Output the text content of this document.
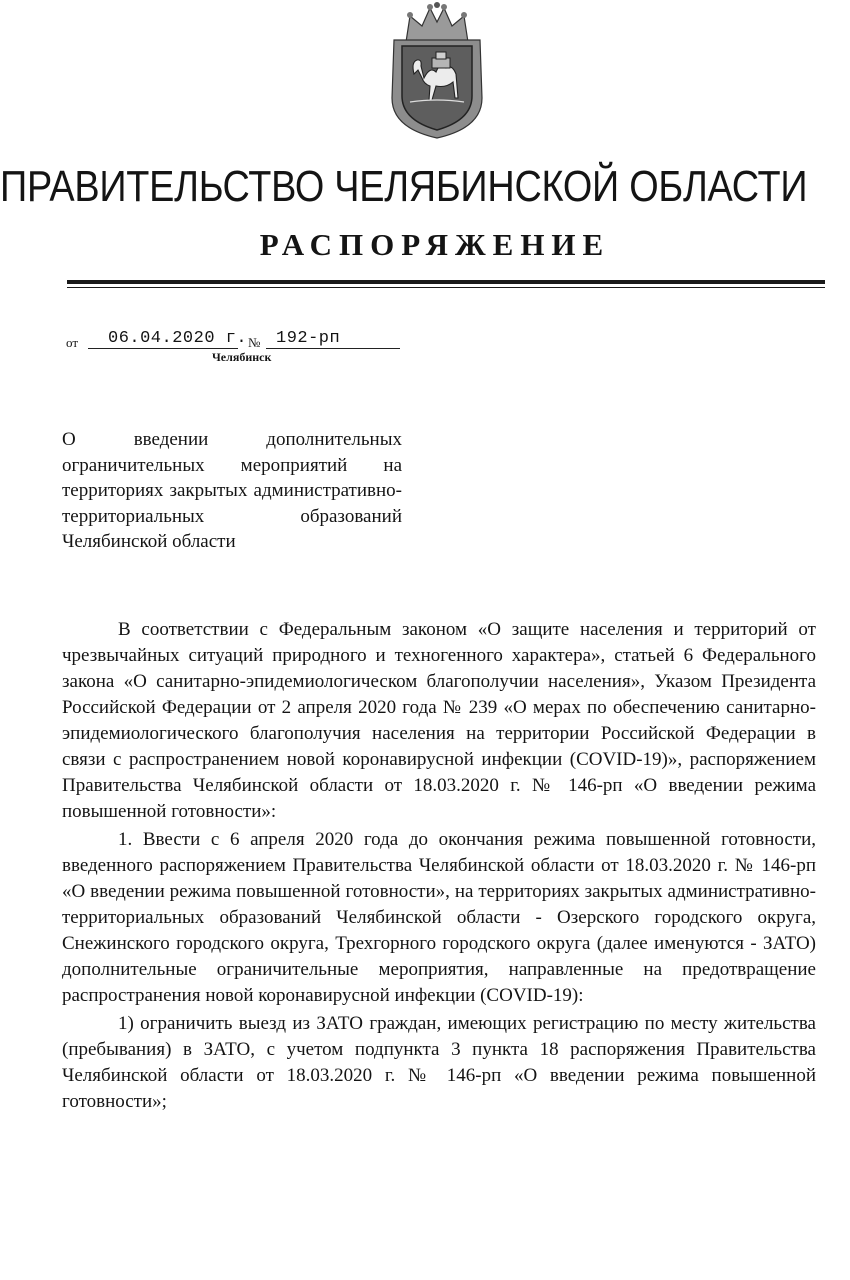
ПРАВИТЕЛЬСТВО ЧЕЛЯБИНСКОЙ ОБЛАСТИ
РАСПОРЯЖЕНИЕ
от 06.04.2020 г. № 192-рп
Челябинск
О введении дополнительных ограничительных мероприятий на территориях закрытых административно-территориальных образований Челябинской области

В соответствии с Федеральным законом «О защите населения и территорий от чрезвычайных ситуаций природного и техногенного характера», статьей 6 Федерального закона «О санитарно-эпидемиологическом благополучии населения», Указом Президента Российской Федерации от 2 апреля 2020 года № 239 «О мерах по обеспечению санитарно-эпидемиологического благополучия населения на территории Российской Федерации в связи с распространением новой коронавирусной инфекции (COVID-19)», распоряжением Правительства Челябинской области от 18.03.2020 г. № 146-рп «О введении режима повышенной готовности»:

1. Ввести с 6 апреля 2020 года до окончания режима повышенной готовности, введенного распоряжением Правительства Челябинской области от 18.03.2020 г. № 146-рп «О введении режима повышенной готовности», на территориях закрытых административно-территориальных образований Челябинской области - Озерского городского округа, Снежинского городского округа, Трехгорного городского округа (далее именуются - ЗАТО) дополнительные ограничительные мероприятия, направленные на предотвращение распространения новой коронавирусной инфекции (COVID-19):

1) ограничить выезд из ЗАТО граждан, имеющих регистрацию по месту жительства (пребывания) в ЗАТО, с учетом подпункта 3 пункта 18 распоряжения Правительства Челябинской области от 18.03.2020 г. № 146-рп «О введении режима повышенной готовности»;
